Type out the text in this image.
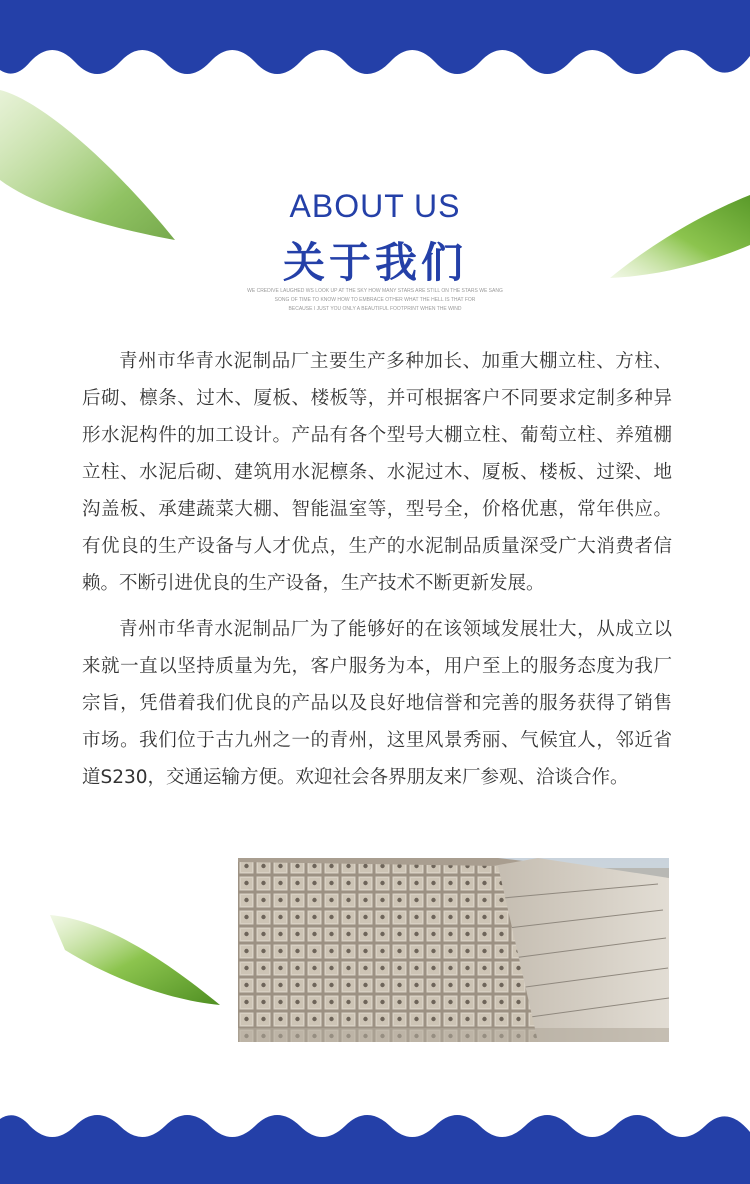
ABOUT US
关于我们
WE CREDIVE LAUGHED WS LOOK UP AT THE SKY HOW MANY STARS ARE STILL ON THE STARS WE SANG
SONG OF TIME TO KNOW HOW TO EMBRACE OTHER WHAT THE HELL IS THAT FOR
BECAUSE I JUST YOU ONLY A BEAUTIFUL FOOTPRINT WHEN THE WIND

青州市华青水泥制品厂主要生产多种加长、加重大棚立柱、方柱、后砌、檩条、过木、厦板、楼板等，并可根据客户不同要求定制多种异形水泥构件的加工设计。产品有各个型号大棚立柱、葡萄立柱、养殖棚立柱、水泥后砌、建筑用水泥檩条、水泥过木、厦板、楼板、过梁、地沟盖板、承建蔬菜大棚、智能温室等，型号全，价格优惠，常年供应。有优良的生产设备与人才优点，生产的水泥制品质量深受广大消费者信赖。不断引进优良的生产设备，生产技术不断更新发展。

青州市华青水泥制品厂为了能够好的在该领域发展壮大，从成立以来就一直以坚持质量为先，客户服务为本，用户至上的服务态度为我厂宗旨，凭借着我们优良的产品以及良好地信誉和完善的服务获得了销售市场。我们位于古九州之一的青州，这里风景秀丽、气候宜人，邻近省道S230，交通运输方便。欢迎社会各界朋友来厂参观、洽谈合作。
